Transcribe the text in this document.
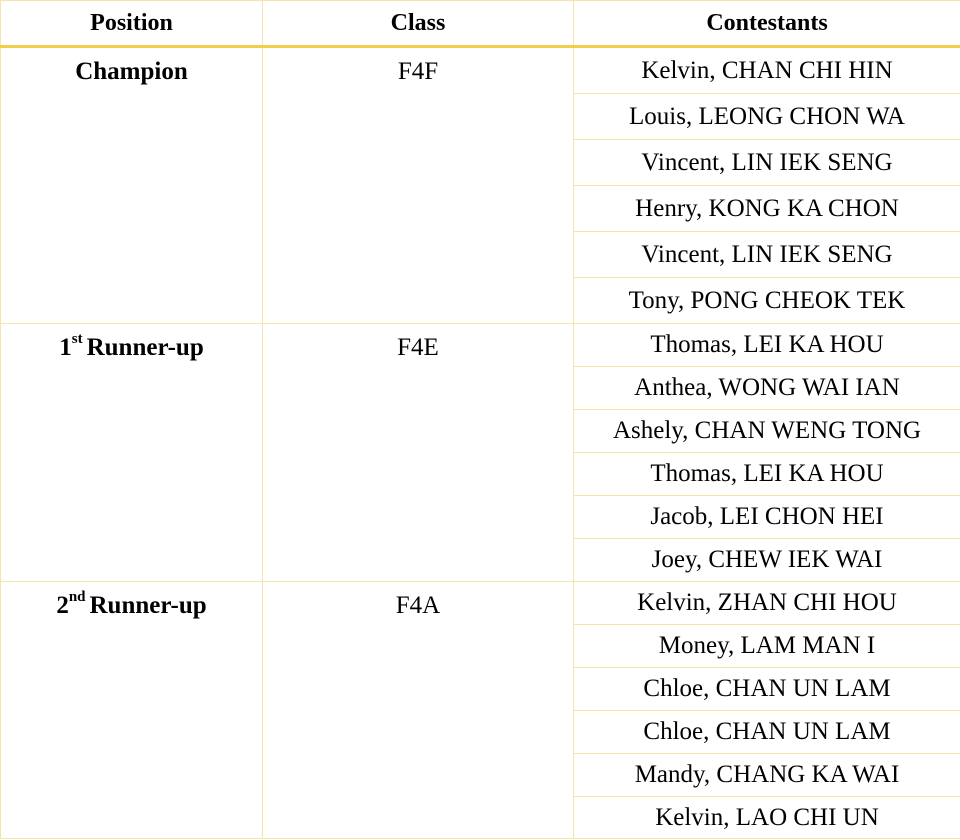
Position	Class	Contestants
Champion	F4F	Kelvin, CHAN CHI HIN
		Louis, LEONG CHON WA
		Vincent, LIN IEK SENG
		Henry, KONG KA CHON
		Vincent, LIN IEK SENG
		Tony, PONG CHEOK TEK
1st Runner-up	F4E	Thomas, LEI KA HOU
		Anthea, WONG WAI IAN
		Ashely, CHAN WENG TONG
		Thomas, LEI KA HOU
		Jacob, LEI CHON HEI
		Joey, CHEW IEK WAI
2nd Runner-up	F4A	Kelvin, ZHAN CHI HOU
		Money, LAM MAN I
		Chloe, CHAN UN LAM
		Chloe, CHAN UN LAM
		Mandy, CHANG KA WAI
		Kelvin, LAO CHI UN
